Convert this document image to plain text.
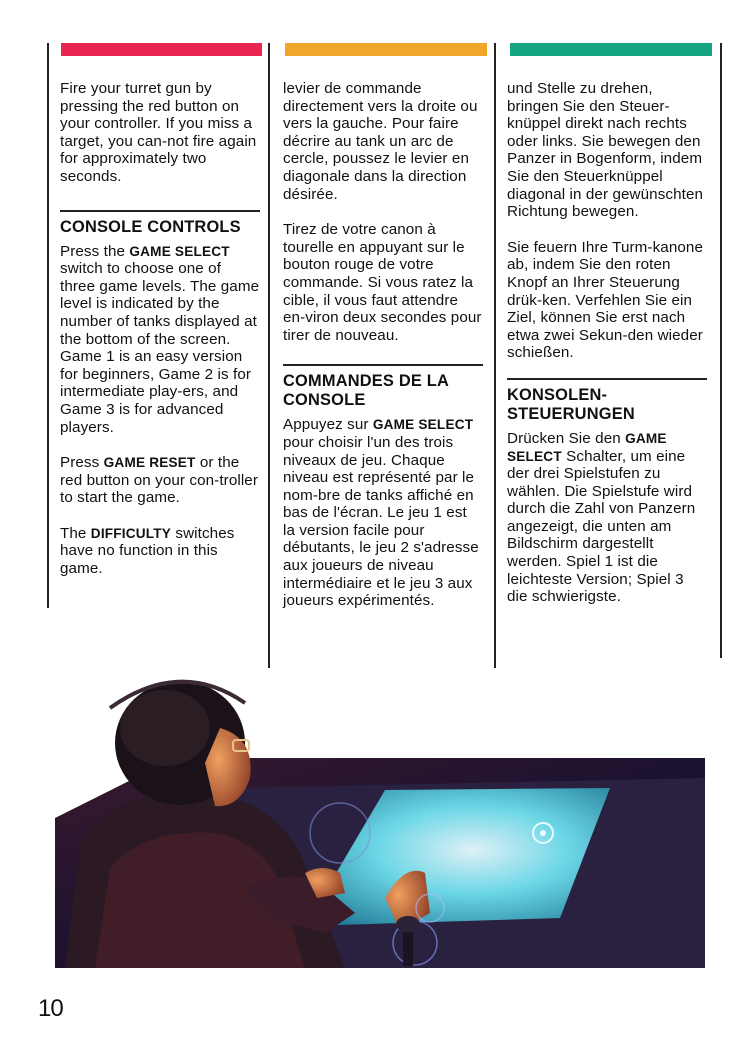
Fire your turret gun by pressing the red button on your controller. If you miss a target, you can-not fire again for approximately two seconds.

CONSOLE CONTROLS

Press the GAME SELECT switch to choose one of three game levels. The game level is indicated by the number of tanks displayed at the bottom of the screen. Game 1 is an easy version for beginners, Game 2 is for intermediate play-ers, and Game 3 is for advanced players.

Press GAME RESET or the red button on your con-troller to start the game.

The DIFFICULTY switches have no function in this game.

levier de commande directement vers la droite ou vers la gauche. Pour faire décrire au tank un arc de cercle, poussez le levier en diagonale dans la direction désirée.

Tirez de votre canon à tourelle en appuyant sur le bouton rouge de votre commande. Si vous ratez la cible, il vous faut attendre en-viron deux secondes pour tirer de nouveau.

COMMANDES DE LA CONSOLE

Appuyez sur GAME SELECT pour choisir l'un des trois niveaux de jeu. Chaque niveau est représenté par le nom-bre de tanks affiché en bas de l'écran. Le jeu 1 est la version facile pour débutants, le jeu 2 s'adresse aux joueurs de niveau intermédiaire et le jeu 3 aux joueurs expérimentés.

und Stelle zu drehen, bringen Sie den Steuer-knüppel direkt nach rechts oder links. Sie bewegen den Panzer in Bogenform, indem Sie den Steuerknüppel diagonal in der gewünschten Richtung bewegen.

Sie feuern Ihre Turm-kanone ab, indem Sie den roten Knopf an Ihrer Steuerung drük-ken. Verfehlen Sie ein Ziel, können Sie erst nach etwa zwei Sekun-den wieder schießen.

KONSOLEN-STEUERUNGEN

Drücken Sie den GAME SELECT Schalter, um eine der drei Spielstufen zu wählen. Die Spielstufe wird durch die Zahl von Panzern angezeigt, die unten am Bildschirm dargestellt werden. Spiel 1 ist die leichteste Version; Spiel 3 die schwierigste.

10
